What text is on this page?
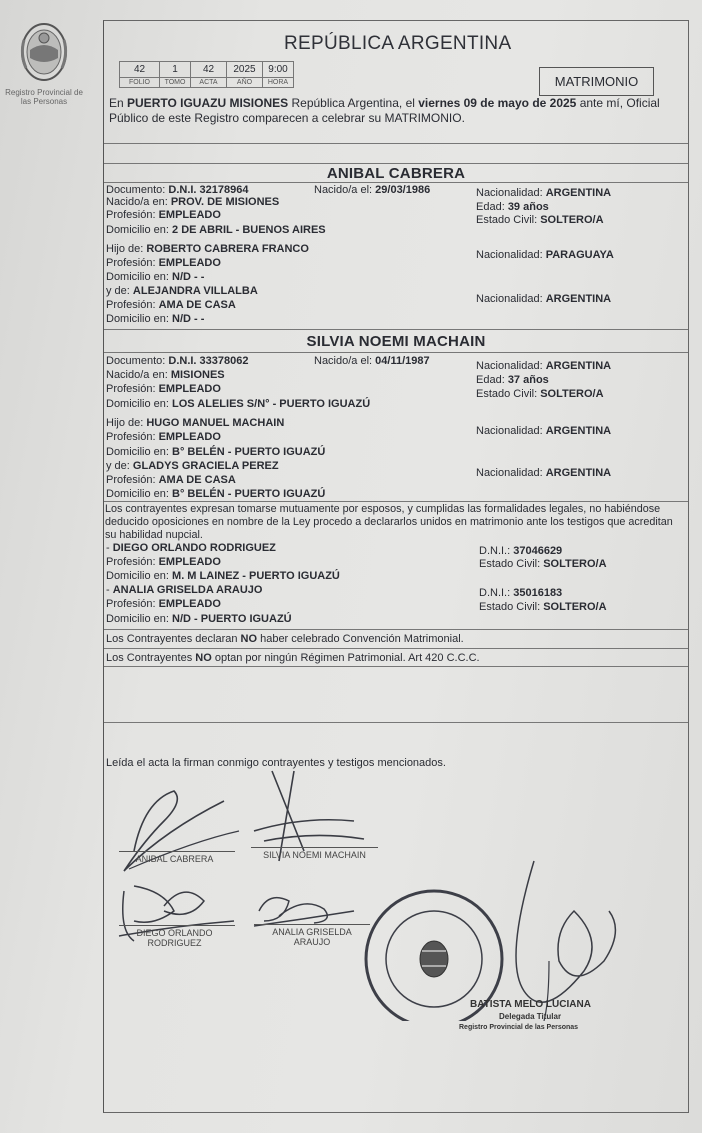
Registro Provincial de las Personas
REPÚBLICA ARGENTINA
42	1	42	2025	9:00
FOLIO	TOMO	ACTA	AÑO	HORA	MATRIMONIO
En PUERTO IGUAZU MISIONES República Argentina, el viernes 09 de mayo de 2025 ante mí, Oficial Público de este Registro comparecen a celebrar su MATRIMONIO.
ANIBAL CABRERA
Documento: D.N.I. 32178964	Nacido/a el: 29/03/1986	Nacionalidad: ARGENTINA
Nacido/a en: PROV. DE MISIONES	Edad: 39 años
Profesión: EMPLEADO	Estado Civil: SOLTERO/A
Domicilio en: 2 DE ABRIL - BUENOS AIRES
Hijo de: ROBERTO CABRERA FRANCO	Nacionalidad: PARAGUAYA
Profesión: EMPLEADO
Domicilio en: N/D - -
y de: ALEJANDRA VILLALBA
Nacionalidad: ARGENTINA
Profesión: AMA DE CASA
Domicilio en: N/D - -
SILVIA NOEMI MACHAIN
Documento: D.N.I. 33378062	Nacido/a el: 04/11/1987	Nacionalidad: ARGENTINA
Nacido/a en: MISIONES	Edad: 37 años
Profesión: EMPLEADO	Estado Civil: SOLTERO/A
Domicilio en: LOS ALELIES S/N° - PUERTO IGUAZÚ
Hijo de: HUGO MANUEL MACHAIN
Nacionalidad: ARGENTINA
Profesión: EMPLEADO
Domicilio en: B° BELÉN - PUERTO IGUAZÚ
y de: GLADYS GRACIELA PEREZ
Nacionalidad: ARGENTINA
Profesión: AMA DE CASA
Domicilio en: B° BELÉN - PUERTO IGUAZÚ
Los contrayentes expresan tomarse mutuamente por esposos, y cumplidas las formalidades legales, no habiéndose deducido oposiciones en nombre de la Ley procedo a declararlos unidos en matrimonio ante los testigos que acreditan su habilidad nupcial.
- DIEGO ORLANDO RODRIGUEZ	D.N.I.: 37046629
Profesión: EMPLEADO	Estado Civil: SOLTERO/A
Domicilio en: M. M LAINEZ - PUERTO IGUAZÚ
- ANALIA GRISELDA ARAUJO	D.N.I.: 35016183
Profesión: EMPLEADO	Estado Civil: SOLTERO/A
Domicilio en: N/D - PUERTO IGUAZÚ
Los Contrayentes declaran NO haber celebrado Convención Matrimonial.
Los Contrayentes NO optan por ningún Régimen Patrimonial. Art 420 C.C.C.
Leída el acta la firman conmigo contrayentes y testigos mencionados.
ANIBAL CABRERA	SILVIA NOEMI MACHAIN
DIEGO ORLANDO
RODRIGUEZ
ANALIA GRISELDA
ARAUJO
BATISTA MELO LUCIANA
Delegada Titular
Registro Provincial de las Personas
